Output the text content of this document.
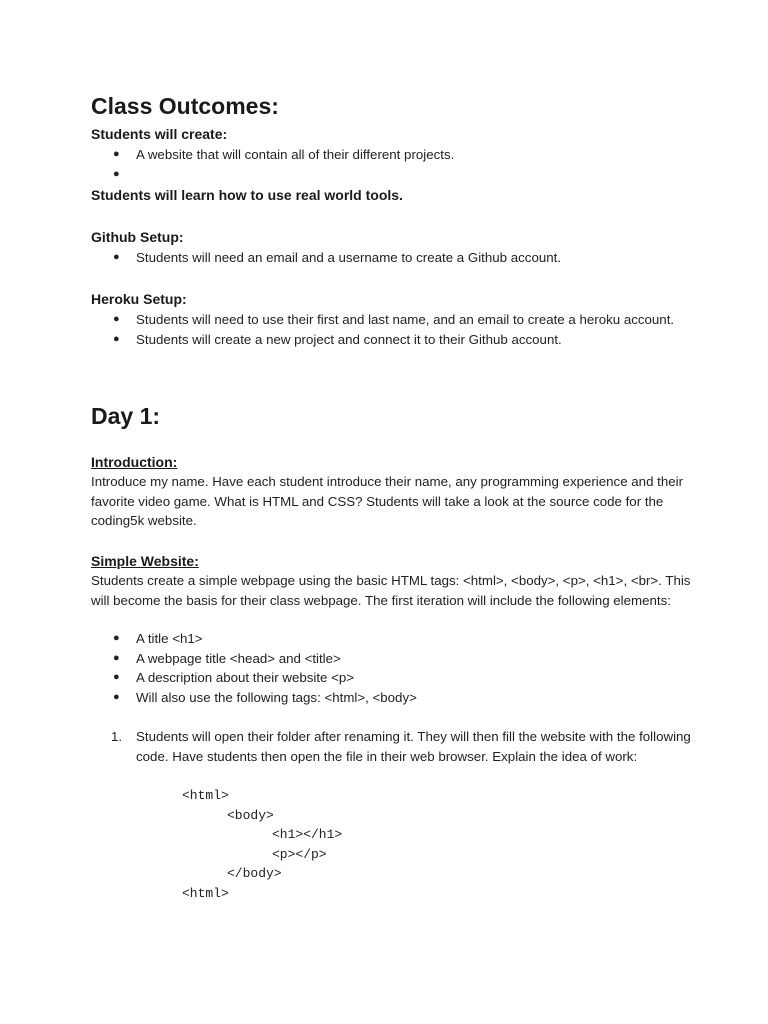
Class Outcomes:
Students will create:
● A website that will contain all of their different projects.
●
Students will learn how to use real world tools.
Github Setup:
● Students will need an email and a username to create a Github account.
Heroku Setup:
● Students will need to use their first and last name, and an email to create a heroku account.
● Students will create a new project and connect it to their Github account.
Day 1:
Introduction:

Introduce my name. Have each student introduce their name, any programming experience and their favorite video game. What is HTML and CSS? Students will take a look at the source code for the coding5k website.

Simple Website:

Students create a simple webpage using the basic HTML tags: <html>, <body>, <p>, <h1>, <br>. This will become the basis for their class webpage. The first iteration will include the following elements:

● A title <h1>
● A webpage title <head> and <title>
● A description about their website <p>
● Will also use the following tags: <html>, <body>
1. Students will open their folder after renaming it. They will then fill the website with the following code. Have students then open the file in their web browser. Explain the idea of work:
<html>
<body>
<h1></h1>
<p></p>
</body>
<html>
